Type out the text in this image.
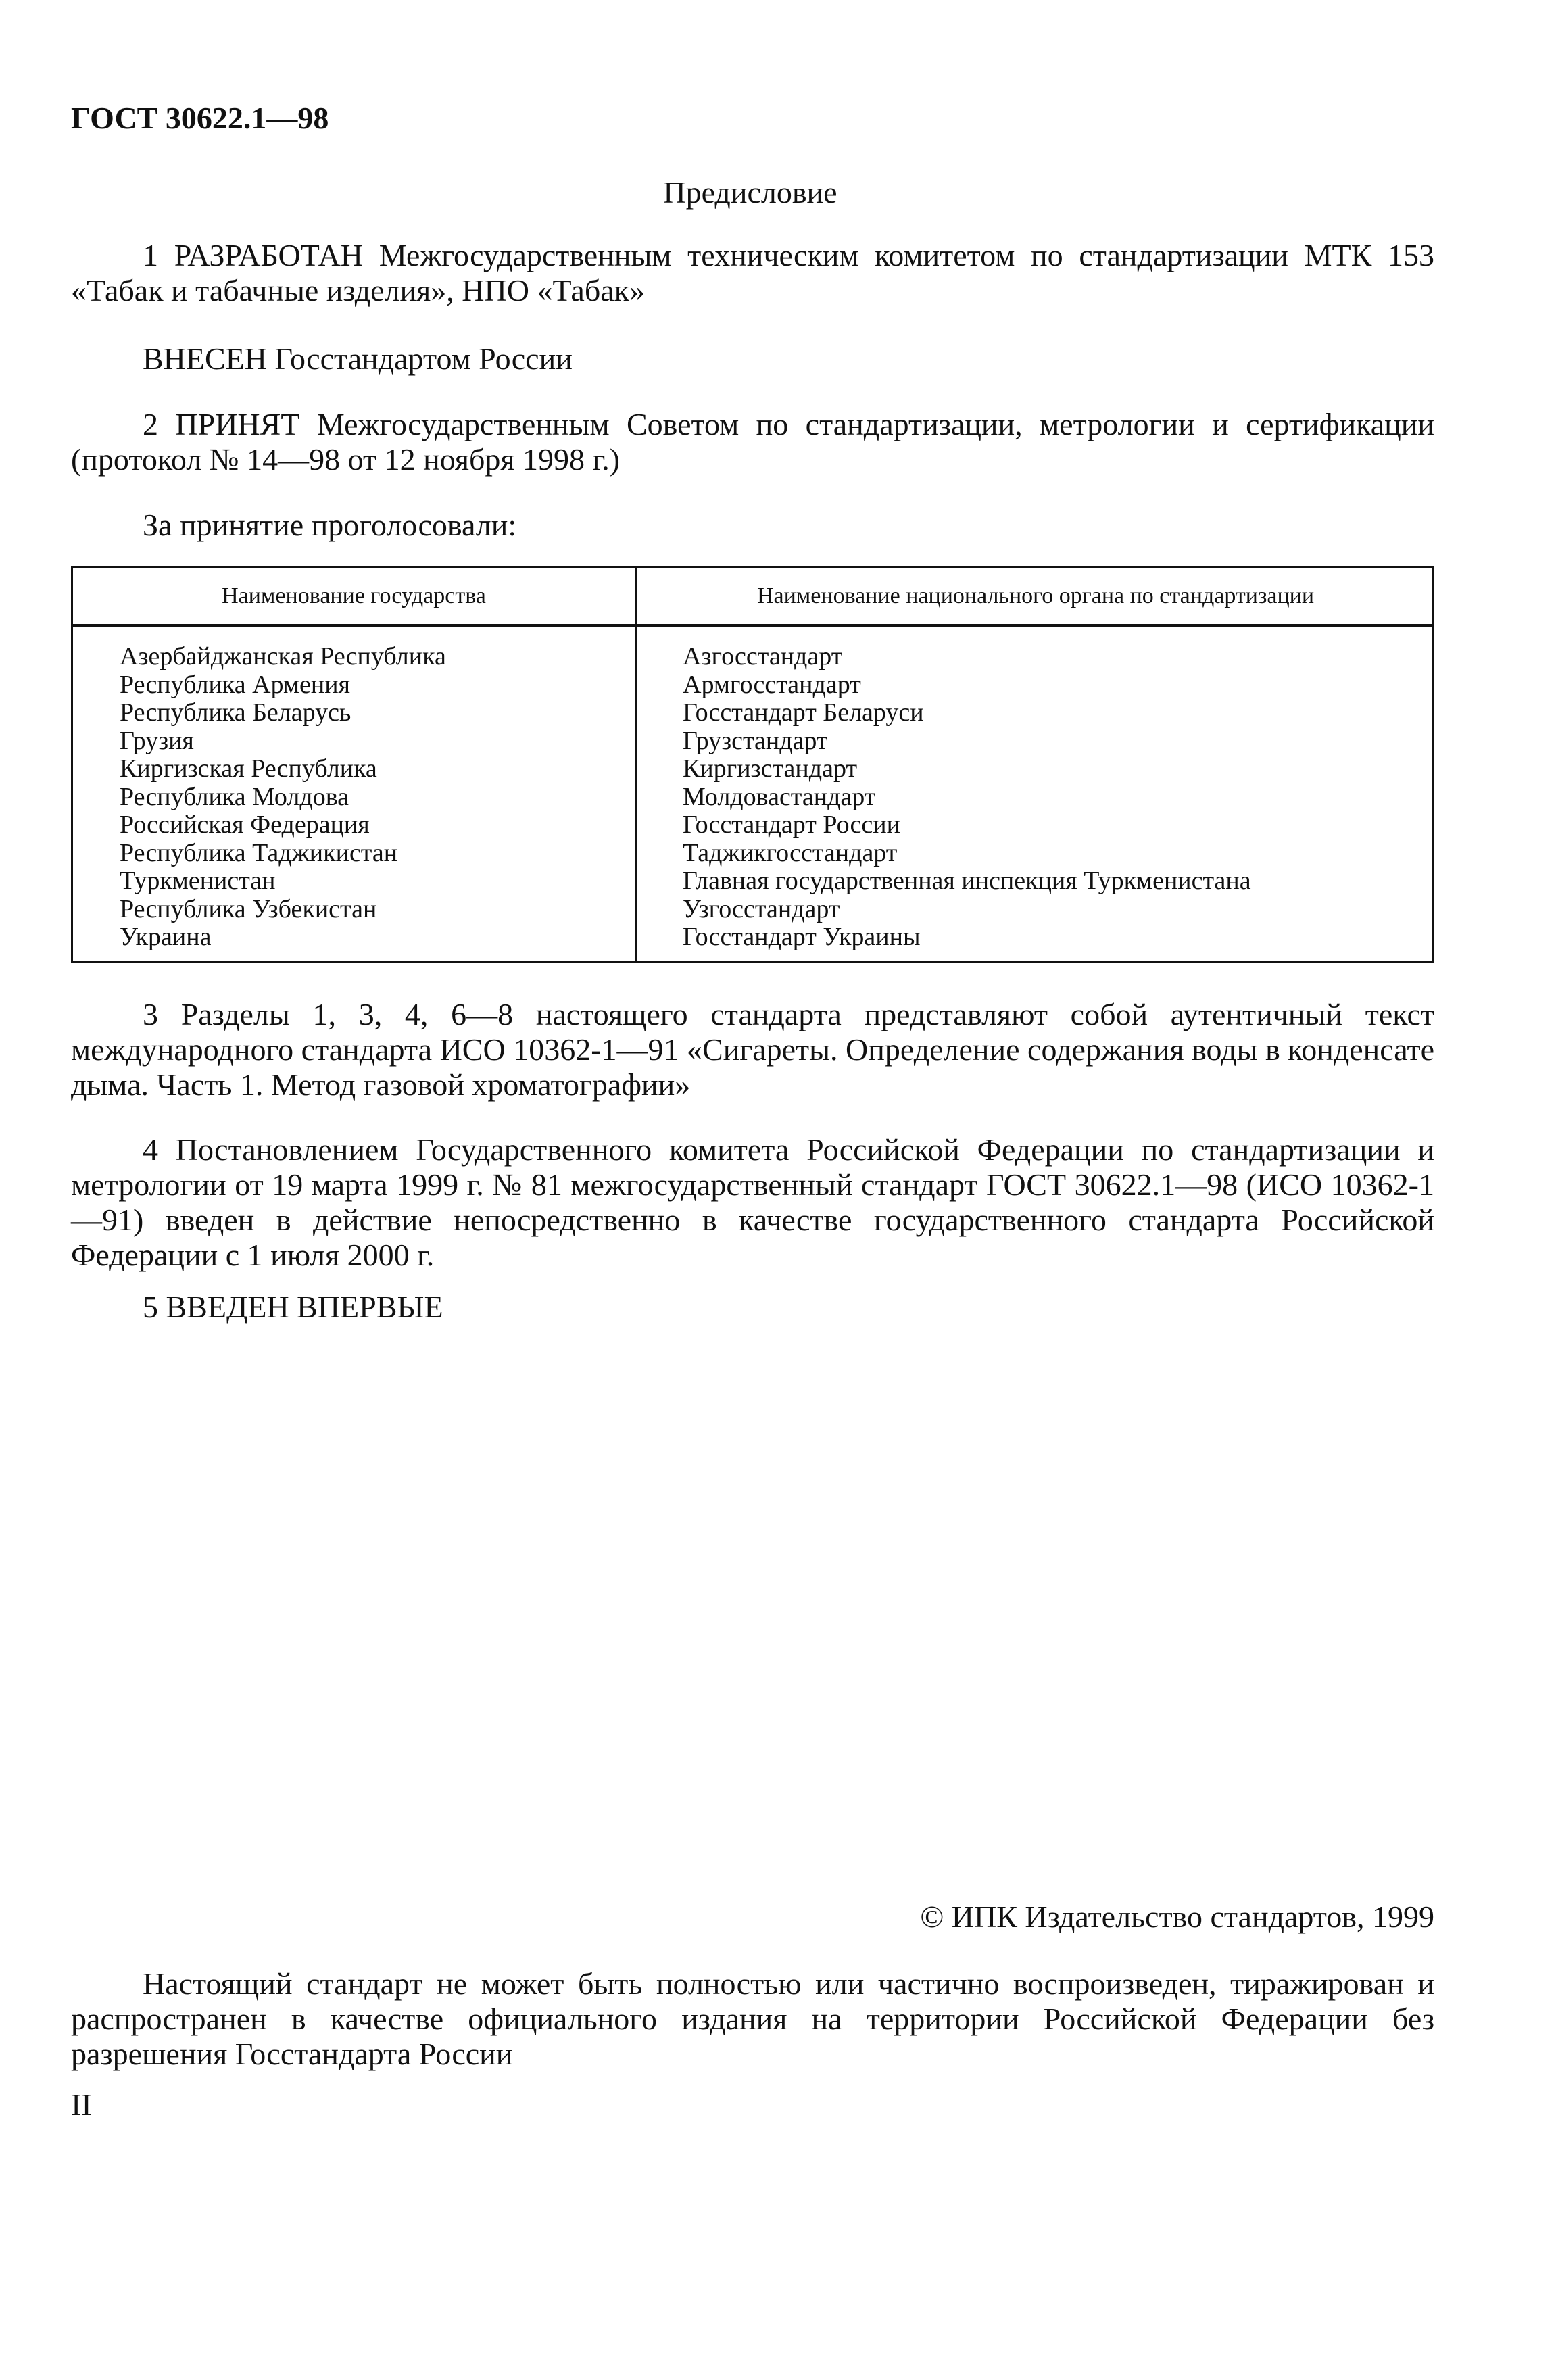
ГОСТ 30622.1—98
Предисловие

1 РАЗРАБОТАН Межгосударственным техническим комитетом по стандартизации МТК 153 «Табак и табачные изделия», НПО «Табак»

ВНЕСЕН Госстандартом России

2 ПРИНЯТ Межгосударственным Советом по стандартизации, метрологии и сертификации (протокол № 14—98 от 12 ноября 1998 г.)

За принятие проголосовали:
Наименование государства	Наименование национального органа по стандартизации
Азербайджанская Республика
Республика Армения
Республика Беларусь
Грузия
Киргизская Республика
Республика Молдова
Российская Федерация
Республика Таджикистан
Туркменистан
Республика Узбекистан
Украина
Азгосстандарт
Армгосстандарт
Госстандарт Беларуси
Грузстандарт
Киргизстандарт
Молдовастандарт
Госстандарт России
Таджикгосстандарт
Главная государственная инспекция Туркменистана
Узгосстандарт
Госстандарт Украины

3 Разделы 1, 3, 4, 6—8 настоящего стандарта представляют собой аутентичный текст международного стандарта ИСО 10362-1—91 «Сигареты. Определение содержания воды в конденсате дыма. Часть 1. Метод газовой хроматографии»

4 Постановлением Государственного комитета Российской Федерации по стандартизации и метрологии от 19 марта 1999 г. № 81 межгосударственный стандарт ГОСТ 30622.1—98 (ИСО 10362-1—91) введен в действие непосредственно в качестве государственного стандарта Российской Федерации с 1 июля 2000 г.

5 ВВЕДЕН ВПЕРВЫЕ
© ИПК Издательство стандартов, 1999

Настоящий стандарт не может быть полностью или частично воспроизведен, тиражирован и распространен в качестве официального издания на территории Российской Федерации без разрешения Госстандарта России

II
